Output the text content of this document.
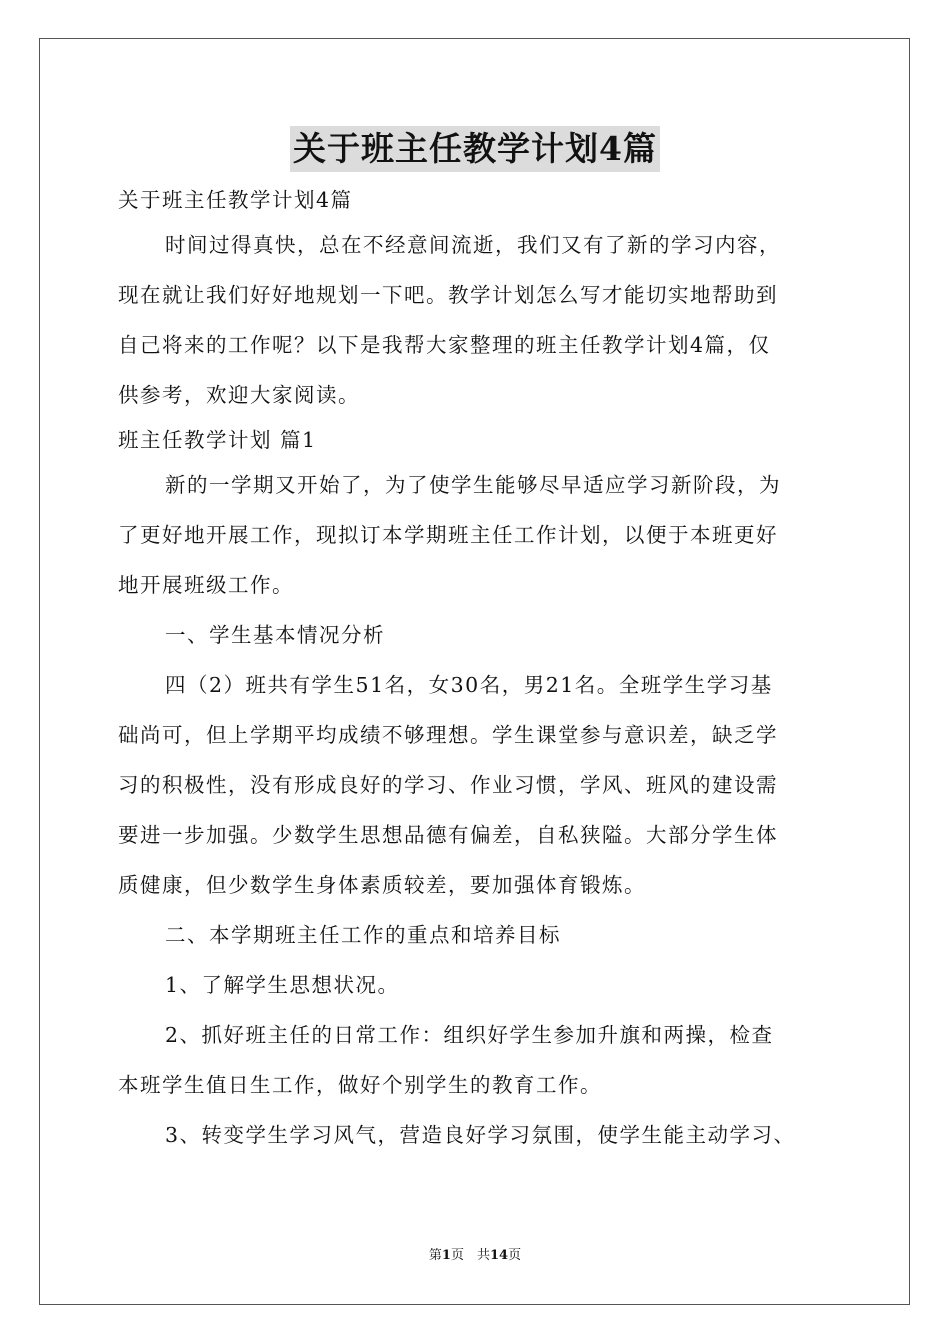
关于班主任教学计划4篇
关于班主任教学计划4篇
时间过得真快，总在不经意间流逝，我们又有了新的学习内容，
现在就让我们好好地规划一下吧。教学计划怎么写才能切实地帮助到
自己将来的工作呢？以下是我帮大家整理的班主任教学计划4篇，仅
供参考，欢迎大家阅读。
班主任教学计划 篇1
新的一学期又开始了，为了使学生能够尽早适应学习新阶段，为
了更好地开展工作，现拟订本学期班主任工作计划，以便于本班更好
地开展班级工作。
一、学生基本情况分析
四（2）班共有学生51名，女30名，男21名。全班学生学习基
础尚可，但上学期平均成绩不够理想。学生课堂参与意识差，缺乏学
习的积极性，没有形成良好的学习、作业习惯，学风、班风的建设需
要进一步加强。少数学生思想品德有偏差，自私狭隘。大部分学生体
质健康，但少数学生身体素质较差，要加强体育锻炼。
二、本学期班主任工作的重点和培养目标
1、了解学生思想状况。
2、抓好班主任的日常工作：组织好学生参加升旗和两操，检查
本班学生值日生工作，做好个别学生的教育工作。
3、转变学生学习风气，营造良好学习氛围，使学生能主动学习、
第1页　共14页
